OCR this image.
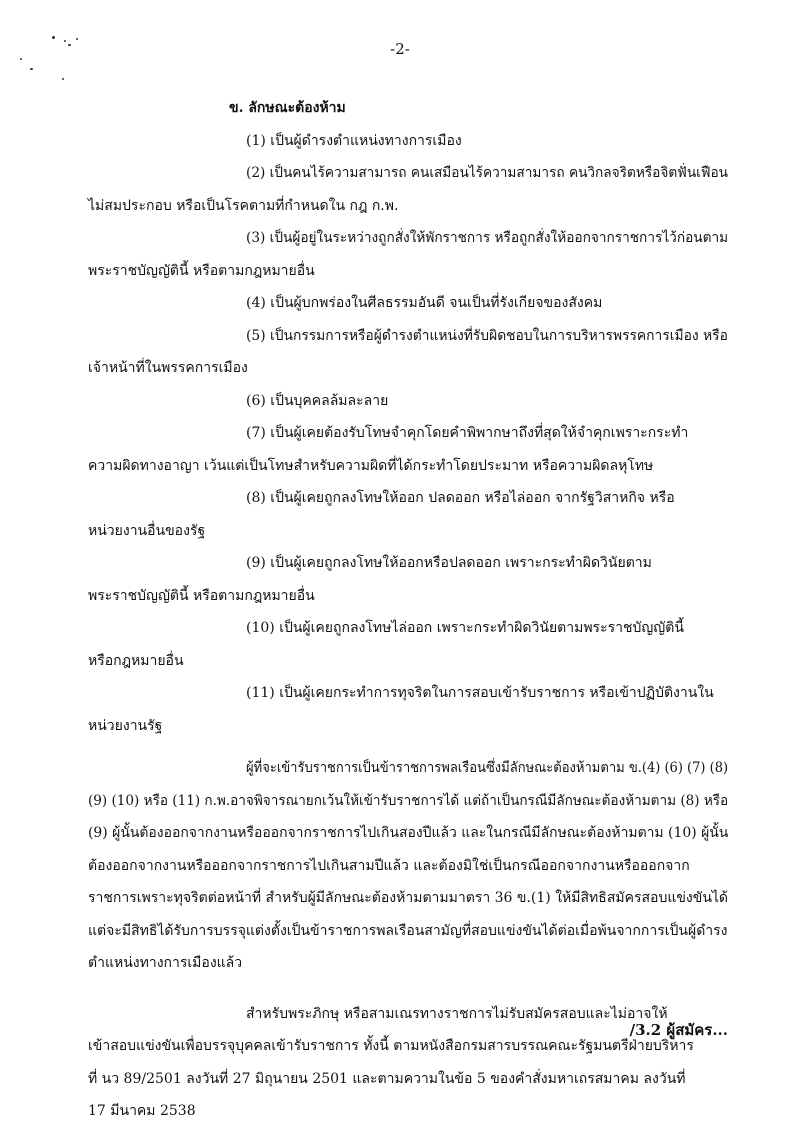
-2-
ข. ลักษณะต้องห้าม
(1) เป็นผู้ดำรงตำแหน่งทางการเมือง
(2) เป็นคนไร้ความสามารถ คนเสมือนไร้ความสามารถ คนวิกลจริตหรือจิตฟั่นเฟือน
ไม่สมประกอบ หรือเป็นโรคตามที่กำหนดใน กฎ ก.พ.
(3) เป็นผู้อยู่ในระหว่างถูกสั่งให้พักราชการ หรือถูกสั่งให้ออกจากราชการไว้ก่อนตาม
พระราชบัญญัตินี้ หรือตามกฎหมายอื่น
(4) เป็นผู้บกพร่องในศีลธรรมอันดี จนเป็นที่รังเกียจของสังคม
(5) เป็นกรรมการหรือผู้ดำรงตำแหน่งที่รับผิดชอบในการบริหารพรรคการเมือง หรือ
เจ้าหน้าที่ในพรรคการเมือง
(6) เป็นบุคคลล้มละลาย
(7) เป็นผู้เคยต้องรับโทษจำคุกโดยคำพิพากษาถึงที่สุดให้จำคุกเพราะกระทำ
ความผิดทางอาญา เว้นแต่เป็นโทษสำหรับความผิดที่ได้กระทำโดยประมาท หรือความผิดลหุโทษ
(8) เป็นผู้เคยถูกลงโทษให้ออก ปลดออก หรือไล่ออก จากรัฐวิสาหกิจ หรือ
หน่วยงานอื่นของรัฐ
(9) เป็นผู้เคยถูกลงโทษให้ออกหรือปลดออก เพราะกระทำผิดวินัยตาม
พระราชบัญญัตินี้ หรือตามกฎหมายอื่น
(10) เป็นผู้เคยถูกลงโทษไล่ออก เพราะกระทำผิดวินัยตามพระราชบัญญัตินี้
หรือกฎหมายอื่น
(11) เป็นผู้เคยกระทำการทุจริตในการสอบเข้ารับราชการ หรือเข้าปฏิบัติงานใน
หน่วยงานรัฐ
ผู้ที่จะเข้ารับราชการเป็นข้าราชการพลเรือนซึ่งมีลักษณะต้องห้ามตาม ข.(4) (6) (7) (8)
(9) (10) หรือ (11) ก.พ.อาจพิจารณายกเว้นให้เข้ารับราชการได้ แต่ถ้าเป็นกรณีมีลักษณะต้องห้ามตาม (8) หรือ
(9) ผู้นั้นต้องออกจากงานหรือออกจากราชการไปเกินสองปีแล้ว และในกรณีมีลักษณะต้องห้ามตาม (10) ผู้นั้น
ต้องออกจากงานหรือออกจากราชการไปเกินสามปีแล้ว และต้องมิใช่เป็นกรณีออกจากงานหรือออกจาก
ราชการเพราะทุจริตต่อหน้าที่ สำหรับผู้มีลักษณะต้องห้ามตามมาตรา 36 ข.(1) ให้มีสิทธิสมัครสอบแข่งขันได้
แต่จะมีสิทธิได้รับการบรรจุแต่งตั้งเป็นข้าราชการพลเรือนสามัญที่สอบแข่งขันได้ต่อเมื่อพ้นจากการเป็นผู้ดำรง
ตำแหน่งทางการเมืองแล้ว
สำหรับพระภิกษุ หรือสามเณรทางราชการไม่รับสมัครสอบและไม่อาจให้
เข้าสอบแข่งขันเพื่อบรรจุบุคคลเข้ารับราชการ ทั้งนี้ ตามหนังสือกรมสารบรรณคณะรัฐมนตรีฝ่ายบริหาร
ที่ นว 89/2501 ลงวันที่ 27 มิถุนายน 2501 และตามความในข้อ 5 ของคำสั่งมหาเถรสมาคม ลงวันที่
17 มีนาคม 2538
/3.2 ผู้สมัคร...
